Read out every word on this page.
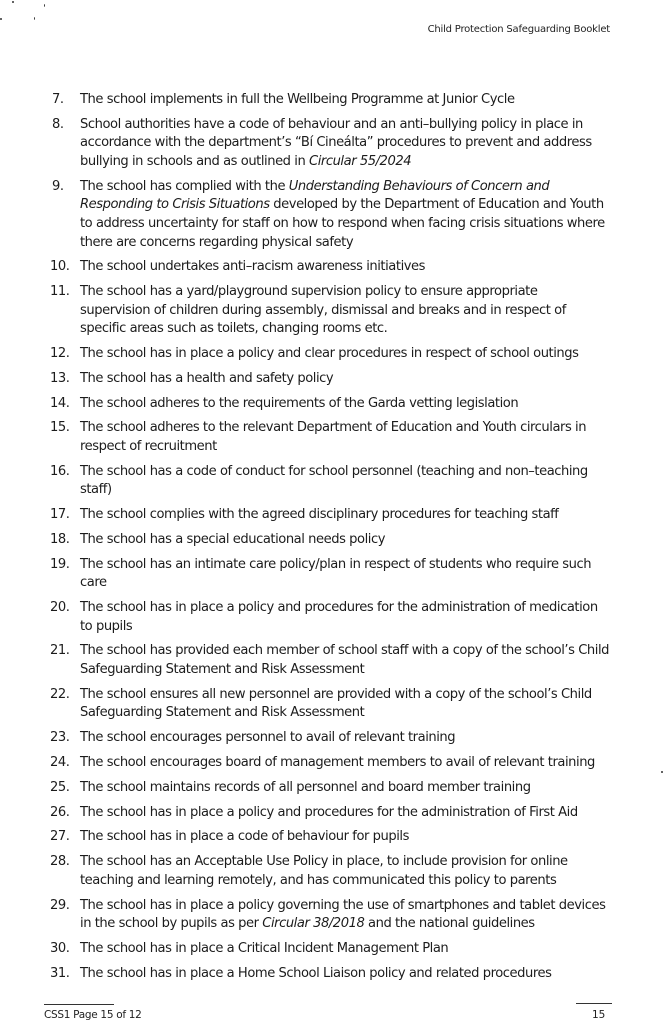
Child Protection Safeguarding Booklet
7.	The school implements in full the Wellbeing Programme at Junior Cycle
8.	School authorities have a code of behaviour and an anti–bullying policy in place in accordance with the department’s “Bí Cineálta” procedures to prevent and address bullying in schools and as outlined in Circular 55/2024
9.	The school has complied with the Understanding Behaviours of Concern and Responding to Crisis Situations developed by the Department of Education and Youth to address uncertainty for staff on how to respond when facing crisis situations where there are concerns regarding physical safety
10. The school undertakes anti–racism awareness initiatives
11. The school has a yard/playground supervision policy to ensure appropriate supervision of children during assembly, dismissal and breaks and in respect of specific areas such as toilets, changing rooms etc.
12. The school has in place a policy and clear procedures in respect of school outings
13. The school has a health and safety policy
14. The school adheres to the requirements of the Garda vetting legislation
15. The school adheres to the relevant Department of Education and Youth circulars in respect of recruitment
16. The school has a code of conduct for school personnel (teaching and non–teaching staff)
17. The school complies with the agreed disciplinary procedures for teaching staff
18. The school has a special educational needs policy
19. The school has an intimate care policy/plan in respect of students who require such care
20. The school has in place a policy and procedures for the administration of medication to pupils
21. The school has provided each member of school staff with a copy of the school’s Child Safeguarding Statement and Risk Assessment
22. The school ensures all new personnel are provided with a copy of the school’s Child Safeguarding Statement and Risk Assessment
23. The school encourages personnel to avail of relevant training
24. The school encourages board of management members to avail of relevant training
25. The school maintains records of all personnel and board member training
26. The school has in place a policy and procedures for the administration of First Aid
27. The school has in place a code of behaviour for pupils
28. The school has an Acceptable Use Policy in place, to include provision for online teaching and learning remotely, and has communicated this policy to parents
29. The school has in place a policy governing the use of smartphones and tablet devices in the school by pupils as per Circular 38/2018 and the national guidelines
30. The school has in place a Critical Incident Management Plan
31. The school has in place a Home School Liaison policy and related procedures
CSS1 Page 15 of 12	15
